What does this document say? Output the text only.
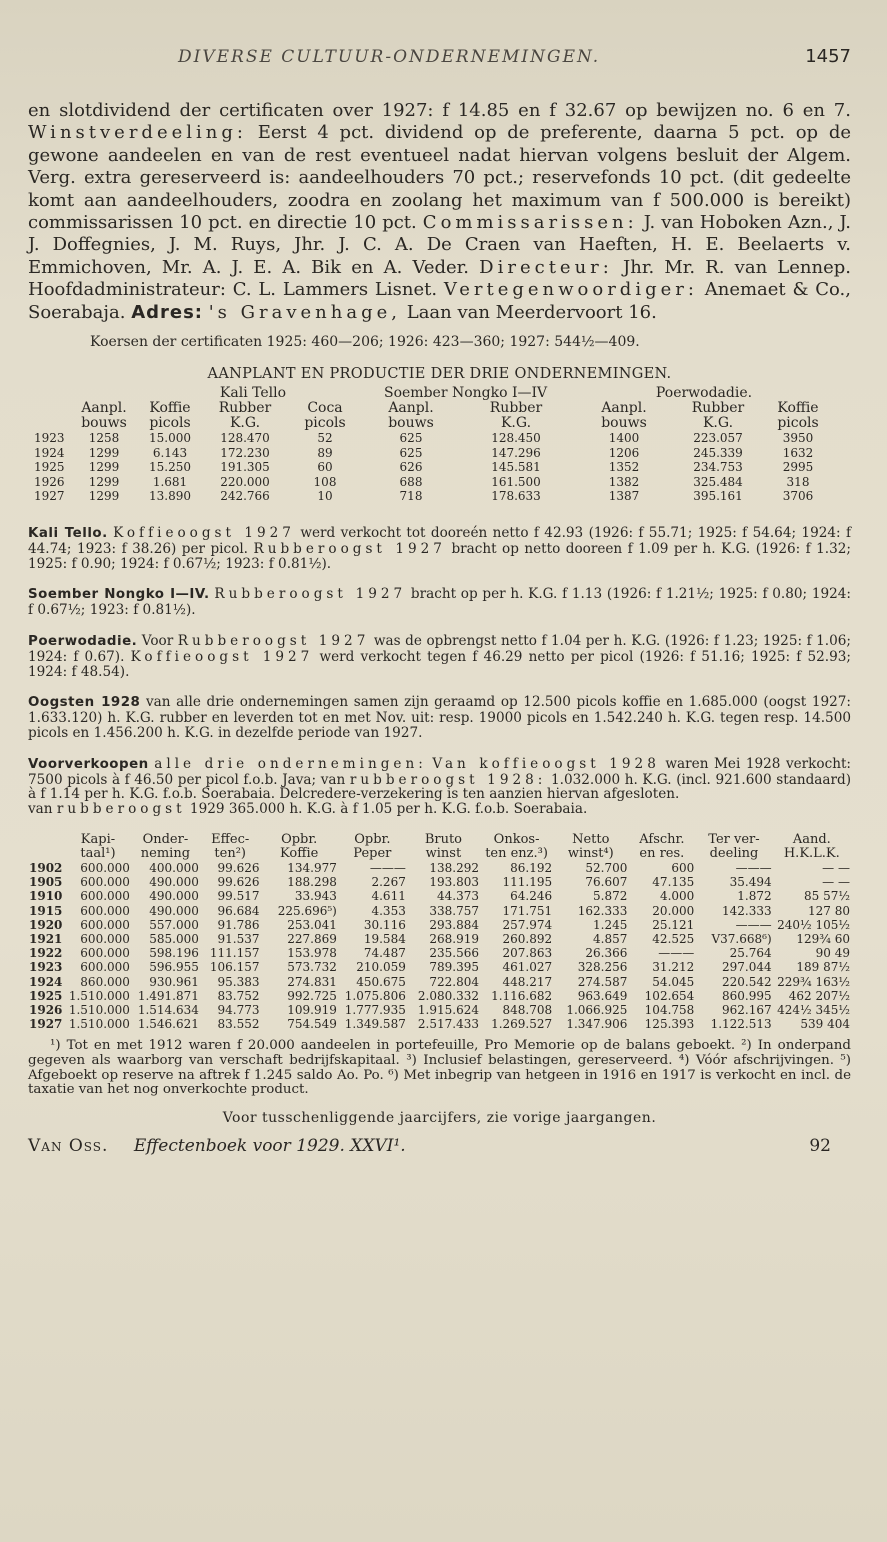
DIVERSE CULTUUR-ONDERNEMINGEN.	1457

en slotdividend der certificaten over 1927: f 14.85 en f 32.67 op bewijzen no. 6 en 7. Winstverdeeling: Eerst 4 pct. dividend op de preferente, daarna 5 pct. op de gewone aandeelen en van de rest eventueel nadat hiervan volgens besluit der Algem. Verg. extra gereserveerd is: aandeelhouders 70 pct.; reservefonds 10 pct. (dit gedeelte komt aan aandeelhouders, zoodra en zoolang het maximum van f 500.000 is bereikt) commissarissen 10 pct. en directie 10 pct. Commissarissen: J. van Hoboken Azn., J. J. Doffegnies, J. M. Ruys, Jhr. J. C. A. De Craen van Haeften, H. E. Beelaerts v. Emmichoven, Mr. A. J. E. A. Bik en A. Veder. Directeur: Jhr. Mr. R. van Lennep. Hoofdadministrateur: C. L. Lammers Lisnet. Vertegenwoordiger: Anemaet & Co., Soerabaja. Adres: 's Gravenhage, Laan van Meerdervoort 16.

Koersen der certificaten 1925: 460—206; 1926: 423—360; 1927: 544½—409.
AANPLANT EN PRODUCTIE DER DRIE ONDERNEMINGEN.
		Kali Tello			Soember Nongko I—IV		Poerwodadie.		
	Aanpl.	Koffie	Rubber	Coca	Aanpl.	Rubber	Aanpl.	Rubber	Koffie
	bouws	picols	K.G.	picols	bouws	K.G.	bouws	K.G.	picols
1923	1258	15.000	128.470	52	625	128.450	1400	223.057	3950
1924	1299	6.143	172.230	89	625	147.296	1206	245.339	1632
1925	1299	15.250	191.305	60	626	145.581	1352	234.753	2995
1926	1299	1.681	220.000	108	688	161.500	1382	325.484	318
1927	1299	13.890	242.766	10	718	178.633	1387	395.161	3706

Kali Tello. Koffieoogst 1927 werd verkocht tot dooreén netto f 42.93 (1926: f 55.71; 1925: f 54.64; 1924: f 44.74; 1923: f 38.26) per picol. Rubberoogst 1927 bracht op netto dooreen f 1.09 per h. K.G. (1926: f 1.32; 1925: f 0.90; 1924: f 0.67½; 1923: f 0.81½).

Soember Nongko I—IV. Rubberoogst 1927 bracht op per h. K.G. f 1.13 (1926: f 1.21½; 1925: f 0.80; 1924: f 0.67½; 1923: f 0.81½).

Poerwodadie. Voor Rubberoogst 1927 was de opbrengst netto f 1.04 per h. K.G. (1926: f 1.23; 1925: f 1.06; 1924: f 0.67). Koffieoogst 1927 werd verkocht tegen f 46.29 netto per picol (1926: f 51.16; 1925: f 52.93; 1924: f 48.54).

Oogsten 1928 van alle drie ondernemingen samen zijn geraamd op 12.500 picols koffie en 1.685.000 (oogst 1927: 1.633.120) h. K.G. rubber en leverden tot en met Nov. uit: resp. 19000 picols en 1.542.240 h. K.G. tegen resp. 14.500 picols en 1.456.200 h. K.G. in dezelfde periode van 1927.

Voorverkoopen alle drie ondernemingen: Van koffieoogst 1928 waren Mei 1928 verkocht: 7500 picols à f 46.50 per picol f.o.b. Java; van rubberoogst 1928: 1.032.000 h. K.G. (incl. 921.600 standaard) à f 1.14 per h. K.G. f.o.b. Soerabaia. Delcredere-verzekering is ten aanzien hiervan afgesloten.

van rubberoogst 1929 365.000 h. K.G. à f 1.05 per h. K.G. f.o.b. Soerabaia.

	Kapi-	Onder-	Effec-	Opbr.	Opbr.	Bruto	Onkos-	Netto	Afschr.	Ter ver-	Aand.
	taal¹)	neming	ten²)	Koffie	Peper	winst	ten enz.³)	winst⁴)	en res.	deeling	H.K.L.K.
1902	600.000	400.000	99.626	134.977	———	138.292	86.192	52.700	600	———	— —
1905	600.000	490.000	99.626	188.298	2.267	193.803	111.195	76.607	47.135	35.494	— —
1910	600.000	490.000	99.517	33.943	4.611	44.373	64.246	5.872	4.000	1.872	85 57½
1915	600.000	490.000	96.684	225.696⁵)	4.353	338.757	171.751	162.333	20.000	142.333	127 80
1920	600.000	557.000	91.786	253.041	30.116	293.884	257.974	1.245	25.121	———	240½ 105½
1921	600.000	585.000	91.537	227.869	19.584	268.919	260.892	4.857	42.525	V37.668⁶)	129¾ 60
1922	600.000	598.196	111.157	153.978	74.487	235.566	207.863	26.366	———	25.764	90 49
1923	600.000	596.955	106.157	573.732	210.059	789.395	461.027	328.256	31.212	297.044	189 87½
1924	860.000	930.961	95.383	274.831	450.675	722.804	448.217	274.587	54.045	220.542	229¾ 163½
1925	1.510.000	1.491.871	83.752	992.725	1.075.806	2.080.332	1.116.682	963.649	102.654	860.995	462 207½
1926	1.510.000	1.514.634	94.773	109.919	1.777.935	1.915.624	848.708	1.066.925	104.758	962.167	424½ 345½
1927	1.510.000	1.546.621	83.552	754.549	1.349.587	2.517.433	1.269.527	1.347.906	125.393	1.122.513	539 404

¹) Tot en met 1912 waren f 20.000 aandeelen in portefeuille, Pro Memorie op de balans geboekt. ²) In onderpand gegeven als waarborg van verschaft bedrijfskapitaal. ³) Inclusief belastingen, gereserveerd. ⁴) Vóór afschrijvingen. ⁵) Afgeboekt op reserve na aftrek f 1.245 saldo Ao. Po. ⁶) Met inbegrip van hetgeen in 1916 en 1917 is verkocht en incl. de taxatie van het nog onverkochte product.

Voor tusschenliggende jaarcijfers, zie vorige jaargangen.
Van Oss. Effectenboek voor 1929. XXVI¹.	92
